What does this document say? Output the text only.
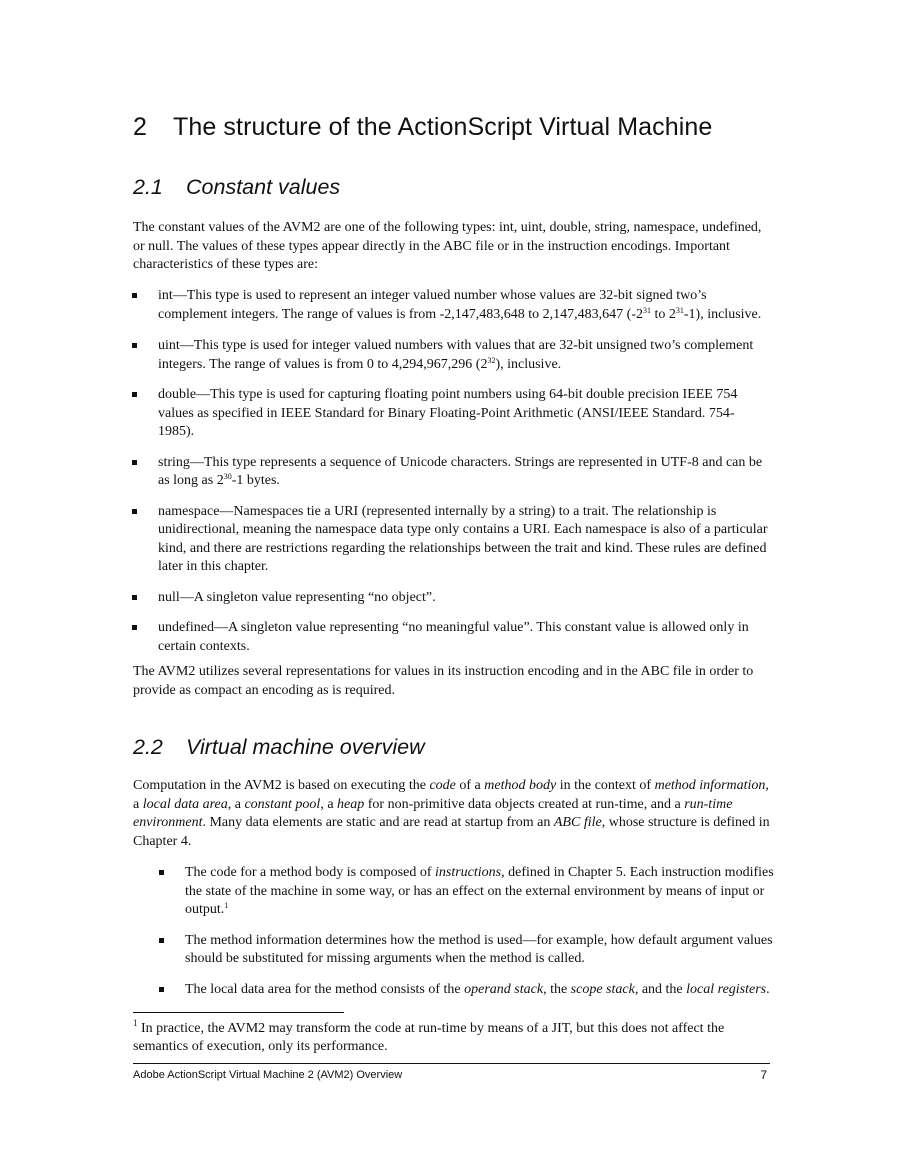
2 The structure of the ActionScript Virtual Machine
2.1 Constant values

The constant values of the AVM2 are one of the following types: int, uint, double, string, namespace, undefined, or null. The values of these types appear directly in the ABC file or in the instruction encodings. Important characteristics of these types are:

int—This type is used to represent an integer valued number whose values are 32-bit signed two’s complement integers. The range of values is from -2,147,483,648 to 2,147,483,647 ($-2^{31}$ to $2^{31}-1$), inclusive.
uint—This type is used for integer valued numbers with values that are 32-bit unsigned two’s complement integers. The range of values is from 0 to 4,294,967,296 $(2^{32})$, inclusive.
double—This type is used for capturing floating point numbers using 64-bit double precision IEEE 754 values as specified in IEEE Standard for Binary Floating-Point Arithmetic (ANSI/IEEE Standard. 754-1985).
string—This type represents a sequence of Unicode characters. Strings are represented in UTF-8 and can be as long as $2^{30}-1$ bytes.
namespace—Namespaces tie a URI (represented internally by a string) to a trait. The relationship is unidirectional, meaning the namespace data type only contains a URI. Each namespace is also of a particular kind, and there are restrictions regarding the relationships between the trait and kind. These rules are defined later in this chapter.
null—A singleton value representing “no object”.
undefined—A singleton value representing “no meaningful value”. This constant value is allowed only in certain contexts.

The AVM2 utilizes several representations for values in its instruction encoding and in the ABC file in order to provide as compact an encoding as is required.

2.2 Virtual machine overview

Computation in the AVM2 is based on executing the code of a method body in the context of method information, a local data area, a constant pool, a heap for non-primitive data objects created at run-time, and a run-time environment. Many data elements are static and are read at startup from an ABC file, whose structure is defined in Chapter 4.

The code for a method body is composed of instructions, defined in Chapter 5. Each instruction modifies the state of the machine in some way, or has an effect on the external environment by means of input or output.$^1$
The method information determines how the method is used—for example, how default argument values should be substituted for missing arguments when the method is called.
The local data area for the method consists of the operand stack, the scope stack, and the local registers.

$^1$ In practice, the AVM2 may transform the code at run-time by means of a JIT, but this does not affect the semantics of execution, only its performance.

Adobe ActionScript Virtual Machine 2 (AVM2) Overview	7
